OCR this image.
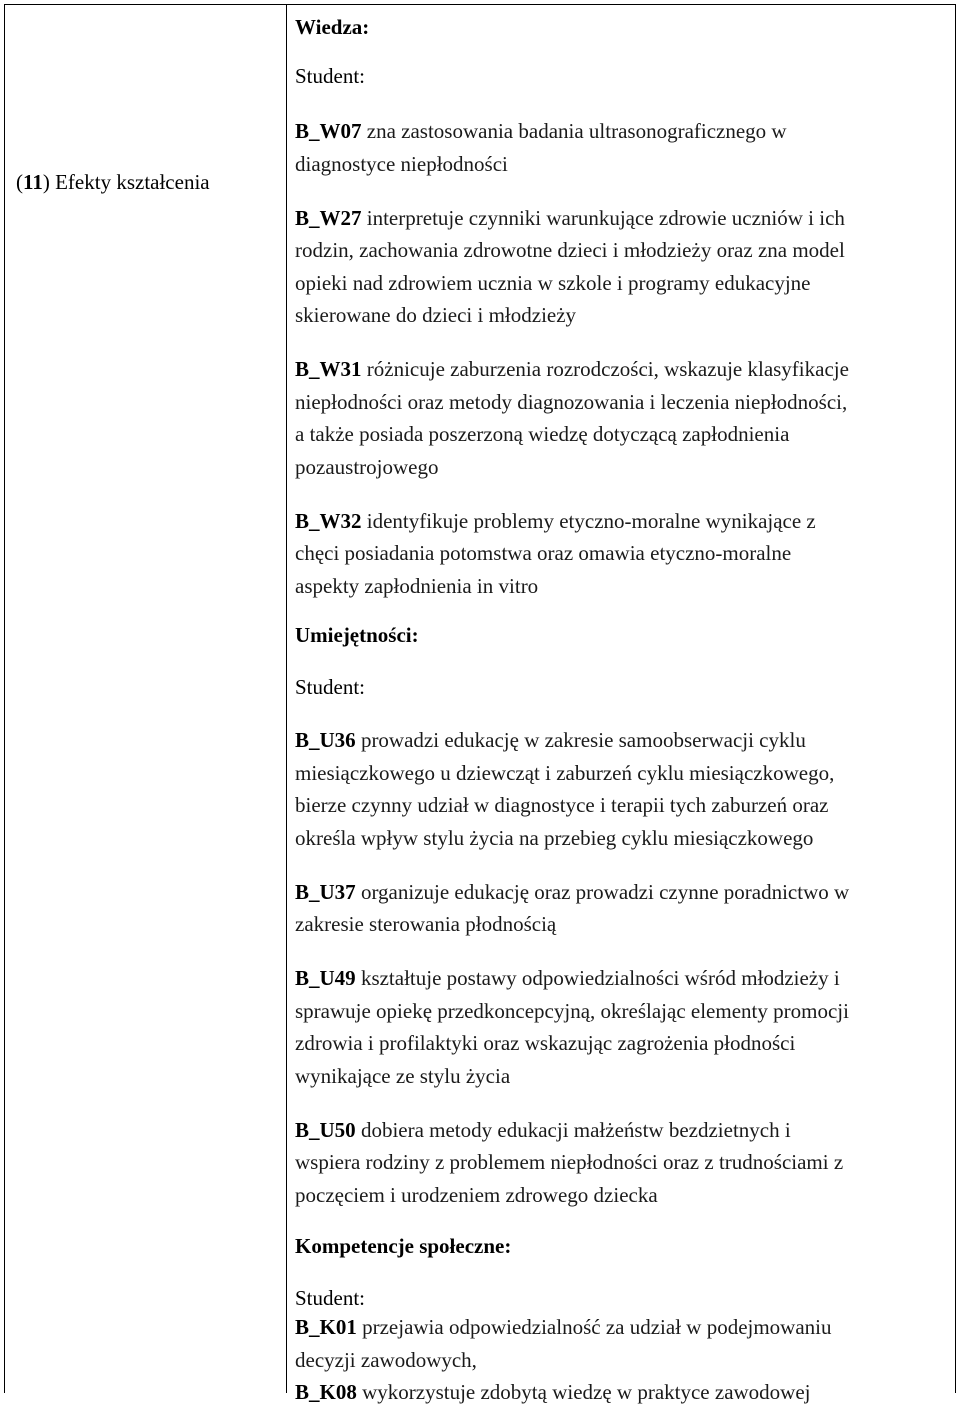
(11) Efekty kształcenia
Wiedza:
Student:
B_W07 zna zastosowania badania ultrasonograficznego w
diagnostyce niepłodności
B_W27 interpretuje czynniki warunkujące zdrowie uczniów i ich
rodzin, zachowania zdrowotne dzieci i młodzieży oraz zna model
opieki nad zdrowiem ucznia w szkole i programy edukacyjne
skierowane do dzieci i młodzieży
B_W31 różnicuje zaburzenia rozrodczości, wskazuje klasyfikacje
niepłodności oraz metody diagnozowania i leczenia niepłodności,
a także posiada poszerzoną wiedzę dotyczącą zapłodnienia
pozaustrojowego
B_W32 identyfikuje problemy etyczno-moralne wynikające z
chęci posiadania potomstwa oraz omawia etyczno-moralne
aspekty zapłodnienia in vitro
Umiejętności:
Student:
B_U36 prowadzi edukację w zakresie samoobserwacji cyklu
miesiączkowego u dziewcząt i zaburzeń cyklu miesiączkowego,
bierze czynny udział w diagnostyce i terapii tych zaburzeń oraz
określa wpływ stylu życia na przebieg cyklu miesiączkowego
B_U37 organizuje edukację oraz prowadzi czynne poradnictwo w
zakresie sterowania płodnością
B_U49 kształtuje postawy odpowiedzialności wśród młodzieży i
sprawuje opiekę przedkoncepcyjną, określając elementy promocji
zdrowia i profilaktyki oraz wskazując zagrożenia płodności
wynikające ze stylu życia
B_U50 dobiera metody edukacji małżeństw bezdzietnych i
wspiera rodziny z problemem niepłodności oraz z trudnościami z
poczęciem i urodzeniem zdrowego dziecka
Kompetencje społeczne:
Student:
B_K01 przejawia odpowiedzialność za udział w podejmowaniu
decyzji zawodowych,
B_K08 wykorzystuje zdobytą wiedzę w praktyce zawodowej
